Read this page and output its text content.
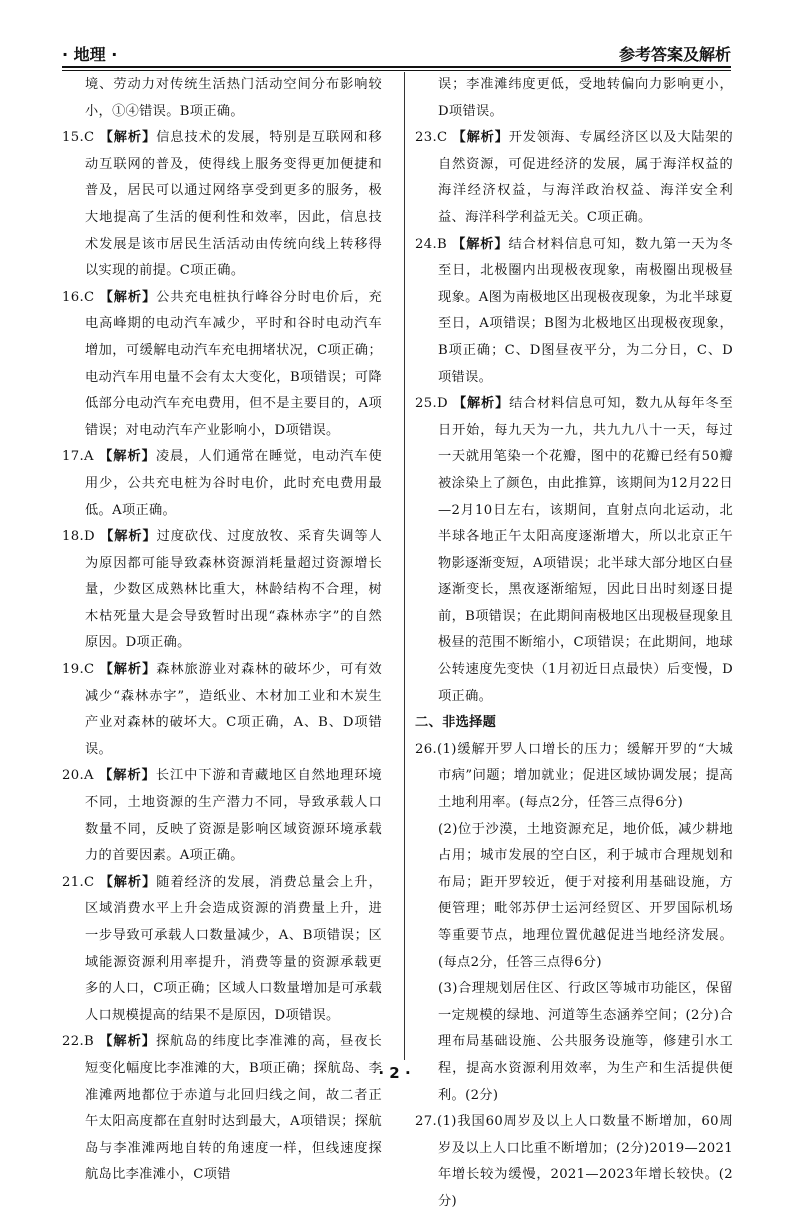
· 地理 ·	参考答案及解析

境、劳动力对传统生活热门活动空间分布影响较小，①④错误。B项正确。

15.C 【解析】信息技术的发展，特别是互联网和移动互联网的普及，使得线上服务变得更加便捷和普及，居民可以通过网络享受到更多的服务，极大地提高了生活的便利性和效率，因此，信息技术发展是该市居民生活活动由传统向线上转移得以实现的前提。C项正确。

16.C 【解析】公共充电桩执行峰谷分时电价后，充电高峰期的电动汽车减少，平时和谷时电动汽车增加，可缓解电动汽车充电拥堵状况，C项正确；电动汽车用电量不会有太大变化，B项错误；可降低部分电动汽车充电费用，但不是主要目的，A项错误；对电动汽车产业影响小，D项错误。

17.A 【解析】凌晨，人们通常在睡觉，电动汽车使用少，公共充电桩为谷时电价，此时充电费用最低。A项正确。

18.D 【解析】过度砍伐、过度放牧、采育失调等人为原因都可能导致森林资源消耗量超过资源增长量，少数区成熟林比重大，林龄结构不合理，树木枯死量大是会导致暂时出现“森林赤字”的自然原因。D项正确。

19.C 【解析】森林旅游业对森林的破坏少，可有效减少“森林赤字”，造纸业、木材加工业和木炭生产业对森林的破坏大。C项正确，A、B、D项错误。

20.A 【解析】长江中下游和青藏地区自然地理环境不同，土地资源的生产潜力不同，导致承载人口数量不同，反映了资源是影响区域资源环境承载力的首要因素。A项正确。

21.C 【解析】随着经济的发展，消费总量会上升，区域消费水平上升会造成资源的消费量上升，进一步导致可承载人口数量减少，A、B项错误；区域能源资源利用率提升，消费等量的资源承载更多的人口，C项正确；区域人口数量增加是可承载人口规模提高的结果不是原因，D项错误。

22.B 【解析】探航岛的纬度比李准滩的高，昼夜长短变化幅度比李准滩的大，B项正确；探航岛、李准滩两地都位于赤道与北回归线之间，故二者正午太阳高度都在直射时达到最大，A项错误；探航岛与李准滩两地自转的角速度一样，但线速度探航岛比李准滩小，C项错

误；李准滩纬度更低，受地转偏向力影响更小，D项错误。

23.C 【解析】开发领海、专属经济区以及大陆架的自然资源，可促进经济的发展，属于海洋权益的海洋经济权益，与海洋政治权益、海洋安全利益、海洋科学利益无关。C项正确。

24.B 【解析】结合材料信息可知，数九第一天为冬至日，北极圈内出现极夜现象，南极圈出现极昼现象。A图为南极地区出现极夜现象，为北半球夏至日，A项错误；B图为北极地区出现极夜现象，B项正确；C、D图昼夜平分，为二分日，C、D项错误。

25.D 【解析】结合材料信息可知，数九从每年冬至日开始，每九天为一九，共九九八十一天，每过一天就用笔染一个花瓣，图中的花瓣已经有50瓣被涂染上了颜色，由此推算，该期间为12月22日—2月10日左右，该期间，直射点向北运动，北半球各地正午太阳高度逐渐增大，所以北京正午物影逐渐变短，A项错误；北半球大部分地区白昼逐渐变长，黑夜逐渐缩短，因此日出时刻逐日提前，B项错误；在此期间南极地区出现极昼现象且极昼的范围不断缩小，C项错误；在此期间，地球公转速度先变快（1月初近日点最快）后变慢，D项正确。

二、非选择题

26.(1)缓解开罗人口增长的压力；缓解开罗的“大城市病”问题；增加就业；促进区域协调发展；提高土地利用率。(每点2分，任答三点得6分)

(2)位于沙漠，土地资源充足，地价低，减少耕地占用；城市发展的空白区，利于城市合理规划和布局；距开罗较近，便于对接利用基础设施，方便管理；毗邻苏伊士运河经贸区、开罗国际机场等重要节点，地理位置优越促进当地经济发展。(每点2分，任答三点得6分)

(3)合理规划居住区、行政区等城市功能区，保留一定规模的绿地、河道等生态涵养空间；(2分)合理布局基础设施、公共服务设施等，修建引水工程，提高水资源利用效率，为生产和生活提供便利。(2分)

27.(1)我国60周岁及以上人口数量不断增加，60周岁及以上人口比重不断增加；(2分)2019—2021年增长较为缓慢，2021—2023年增长较快。(2分)

· 2 ·
